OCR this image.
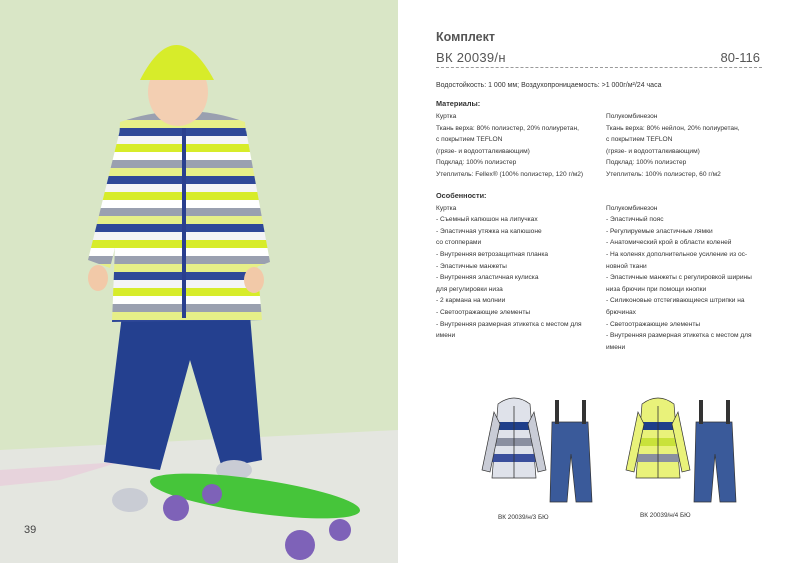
39
Комплект
ВК 20039/н	80-116
Водостойкость: 1 000 мм; Воздухопроницаемость: >1 000г/м²/24 часа
Материалы:
Куртка
Ткань верха: 80% полиэстер, 20% полиуретан,
с покрытием TEFLON
(грязе- и водоотталкивающим)
Подклад: 100% полиэстер
Утеплитель: Fellex® (100% полиэстер, 120 г/м2)
Полукомбинезон
Ткань верха: 80% нейлон, 20% полиуретан,
с покрытием TEFLON
(грязе- и водоотталкивающим)
Подклад: 100% полиэстер
Утеплитель: 100% полиэстер, 60 г/м2
Особенности:
Куртка
- Съемный капюшон на липучках
- Эластичная утяжка на капюшоне
со стопперами
- Внутренняя ветрозащитная планка
- Эластичные манжеты
- Внутренняя эластичная кулиска
для регулировки низа
- 2 кармана на молнии
- Светоотражающие элементы
- Внутренняя размерная этикетка с местом для
имени
Полукомбинезон
- Эластичный пояс
- Регулируемые эластичные лямки
- Анатомический крой в области коленей
- На коленях дополнительное усиление из ос-
новной ткани
- Эластичные манжеты с регулировкой ширины
низа брючин при помощи кнопки
- Силиконовые отстегивающиеся штрипки на
брючинах
- Светоотражающие элементы
- Внутренняя размерная этикетка с местом для
имени
ВК 20039/н/3 БЮ	ВК 20039/н/4 БЮ
